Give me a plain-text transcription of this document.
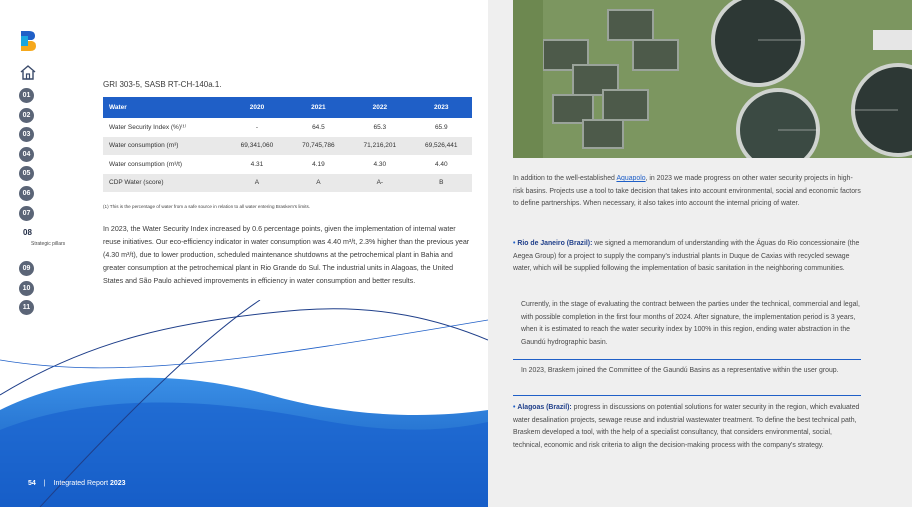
01
02
03
04
05
06
07
08
Strategic pillars
09
10
11
GRI 303-5, SASB RT-CH-140a.1.
Water	2020	2021	2022	2023
Water Security Index (%)⁽¹⁾	-	64.5	65.3	65.9
Water consumption (m³)	69,341,060	70,745,786	71,216,201	69,526,441
Water consumption (m³/t)	4.31	4.19	4.30	4.40
CDP Water (score)	A	A	A-	B
(1) This is the percentage of water from a safe source in relation to all water entering Braskem's limits.
In 2023, the Water Security Index increased by 0.6 percentage points, given the implementation of internal water reuse initiatives. Our eco-efficiency indicator in water consumption was 4.40 m³/t, 2.3% higher than the previous year (4.30 m³/t), due to lower production, scheduled maintenance shutdowns at the petrochemical plant in Bahia and greater consumption at the petrochemical plant in Rio Grande do Sul. The industrial units in Alagoas, the United States and São Paulo achieved improvements in efficiency in water consumption and better results.
54 | Integrated Report 2023
In addition to the well-established Aquapolo, in 2023 we made progress on other water security projects in high-risk basins. Projects use a tool to take decision that takes into account environmental, social and economic factors to define partnerships. When necessary, it also takes into account the internal pricing of water.
• Rio de Janeiro (Brazil): we signed a memorandum of understanding with the Águas do Rio concessionaire (the Aegea Group) for a project to supply the company's industrial plants in Duque de Caxias with recycled sewage water, which will be supplied following the implementation of basic sanitation in the neighboring communities.
Currently, in the stage of evaluating the contract between the parties under the technical, commercial and legal, with possible completion in the first four months of 2024. After signature, the implementation period is 3 years, when it is estimated to reach the water security index by 100% in this region, ending water abstraction in the Gaundú hydrographic basin.
In 2023, Braskem joined the Committee of the Gaundú Basins as a representative within the user group.
• Alagoas (Brazil): progress in discussions on potential solutions for water security in the region, which evaluated water desalination projects, sewage reuse and industrial wastewater treatment. To define the best technical path, Braskem developed a tool, with the help of a specialist consultancy, that considers environmental, social, technical, economic and risk criteria to align the decision-making process with the company's strategy.
